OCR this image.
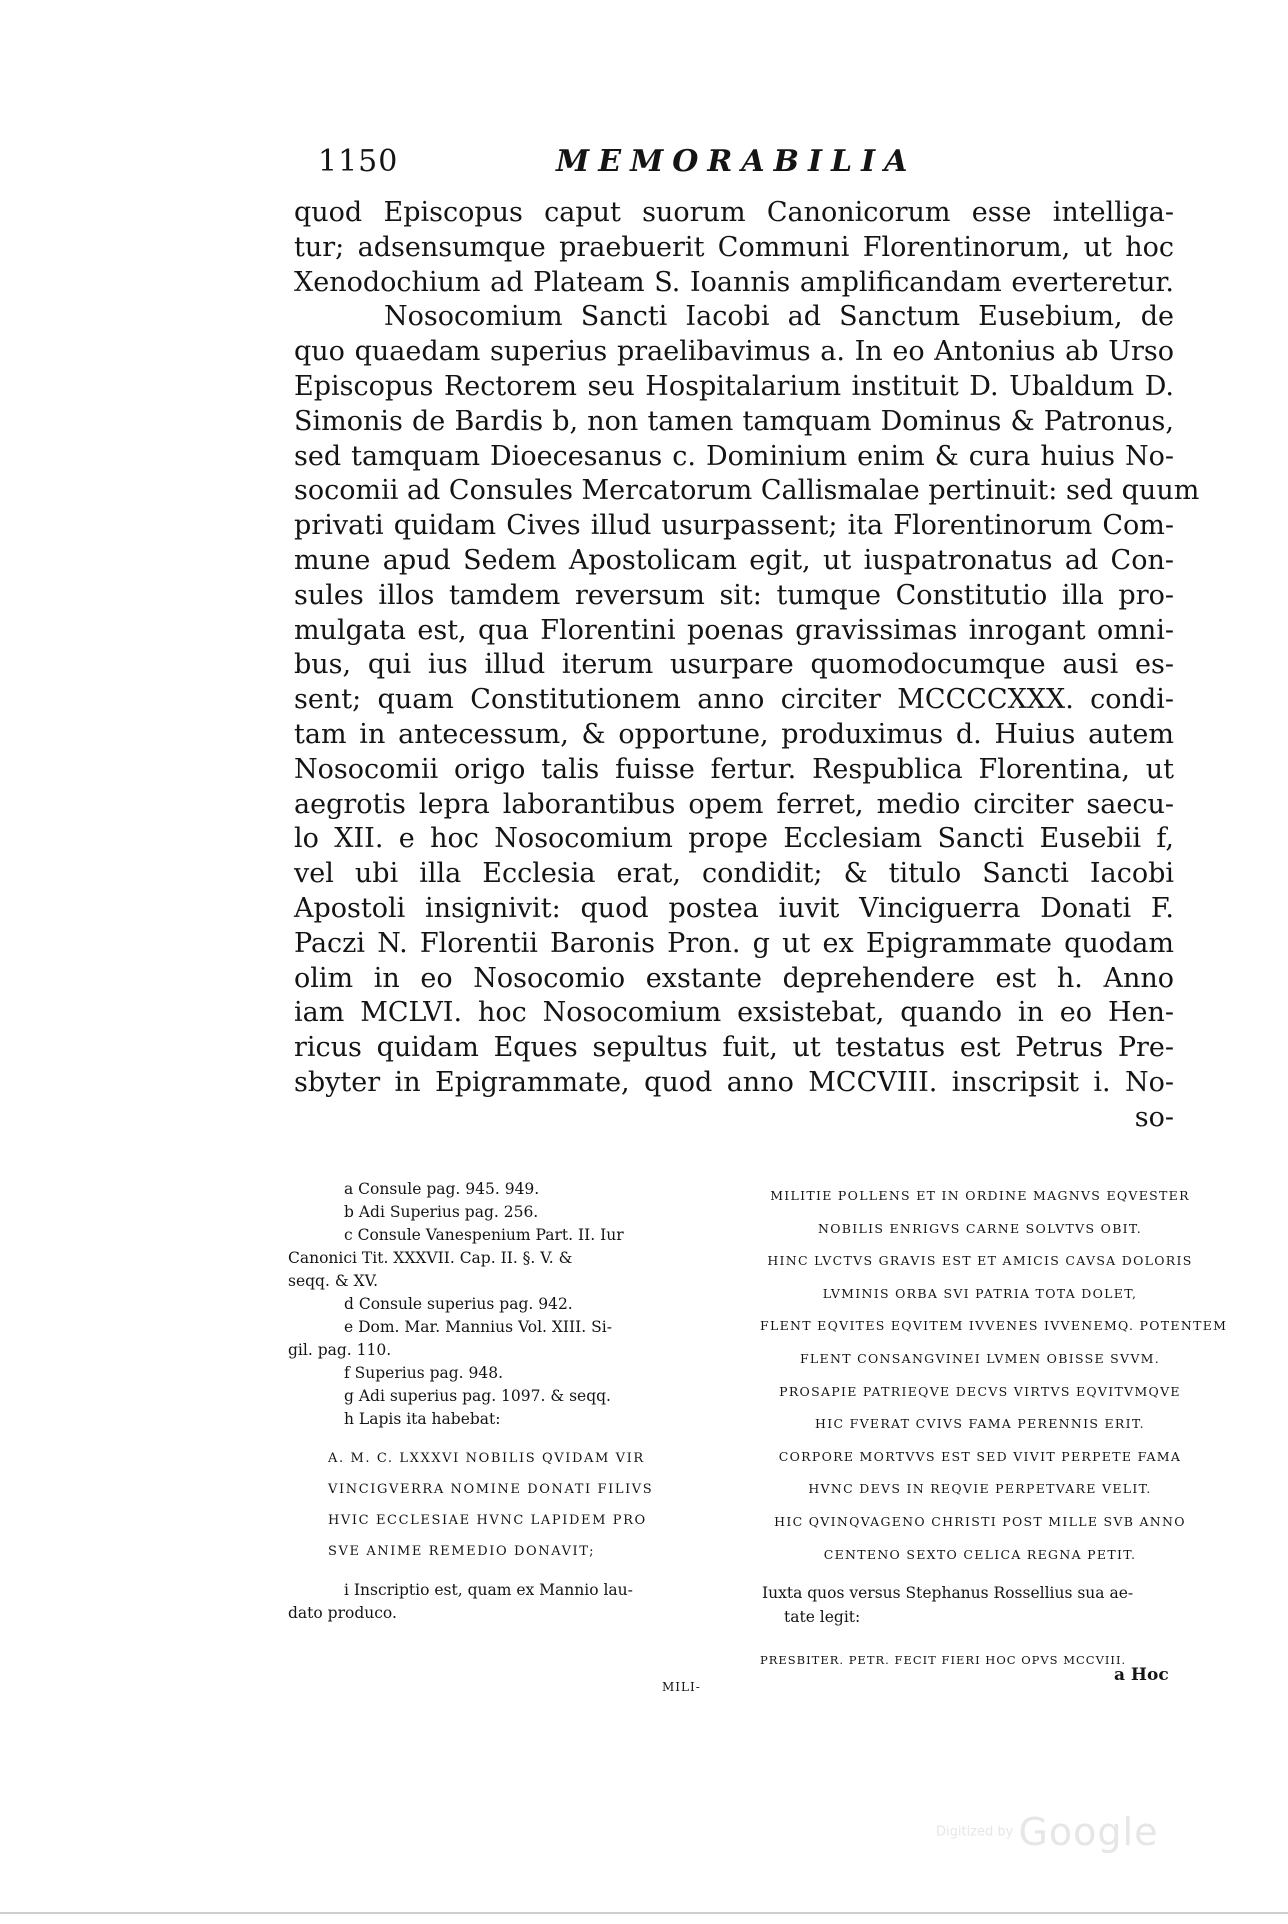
1150	MEMORABILIA
quod Episcopus caput suorum Canonicorum esse intelliga-
tur; adsensumque praebuerit Communi Florentinorum, ut hoc
Xenodochium ad Plateam S. Ioannis amplificandam everteretur.
Nosocomium Sancti Iacobi ad Sanctum Eusebium, de
quo quaedam superius praelibavimus a. In eo Antonius ab Urso
Episcopus Rectorem seu Hospitalarium instituit D. Ubaldum D.
Simonis de Bardis b, non tamen tamquam Dominus & Patronus,
sed tamquam Dioecesanus c. Dominium enim & cura huius No-
socomii ad Consules Mercatorum Callismalae pertinuit: sed quum
privati quidam Cives illud usurpassent; ita Florentinorum Com-
mune apud Sedem Apostolicam egit, ut iuspatronatus ad Con-
sules illos tamdem reversum sit: tumque Constitutio illa pro-
mulgata est, qua Florentini poenas gravissimas inrogant omni-
bus, qui ius illud iterum usurpare quomodocumque ausi es-
sent; quam Constitutionem anno circiter MCCCCXXX. condi-
tam in antecessum, & opportune, produximus d. Huius autem
Nosocomii origo talis fuisse fertur. Respublica Florentina, ut
aegrotis lepra laborantibus opem ferret, medio circiter saecu-
lo XII. e hoc Nosocomium prope Ecclesiam Sancti Eusebii f,
vel ubi illa Ecclesia erat, condidit; & titulo Sancti Iacobi
Apostoli insignivit: quod postea iuvit Vinciguerra Donati F.
Paczi N. Florentii Baronis Pron. g ut ex Epigrammate quodam
olim in eo Nosocomio exstante deprehendere est h. Anno
iam MCLVI. hoc Nosocomium exsistebat, quando in eo Hen-
ricus quidam Eques sepultus fuit, ut testatus est Petrus Pre-
sbyter in Epigrammate, quod anno MCCVIII. inscripsit i. No-
so-
a Consule pag. 945. 949.
b Adi Superius pag. 256.
c Consule Vanespenium Part. II. Iur
Canonici Tit. XXXVII. Cap. II. §. V. &
seqq. & XV.
d Consule superius pag. 942.
e Dom. Mar. Mannius Vol. XIII. Si-
gil. pag. 110.
f Superius pag. 948.
g Adi superius pag. 1097. & seqq.
h Lapis ita habebat:
A. M. C. LXXXVI NOBILIS QVIDAM VIR
VINCIGVERRA NOMINE DONATI FILIVS
HVIC ECCLESIAE HVNC LAPIDEM PRO
SVE ANIME REMEDIO DONAVIT;
i Inscriptio est, quam ex Mannio lau-
dato produco.
MILI-
MILITIE POLLENS ET IN ORDINE MAGNVS EQVESTER
NOBILIS ENRIGVS CARNE SOLVTVS OBIT.
HINC LVCTVS GRAVIS EST ET AMICIS CAVSA DOLORIS
LVMINIS ORBA SVI PATRIA TOTA DOLET,
FLENT EQVITES EQVITEM IVVENES IVVENEMQ. POTENTEM
FLENT CONSANGVINEI LVMEN OBISSE SVVM.
PROSAPIE PATRIEQVE DECVS VIRTVS EQVITVMQVE
HIC FVERAT CVIVS FAMA PERENNIS ERIT.
CORPORE MORTVVS EST SED VIVIT PERPETE FAMA
HVNC DEVS IN REQVIE PERPETVARE VELIT.
HIC QVINQVAGENO CHRISTI POST MILLE SVB ANNO
CENTENO SEXTO CELICA REGNA PETIT.
Iuxta quos versus Stephanus Rossellius sua ae-
tate legit:
PRESBITER. PETR. FECIT FIERI HOC OPVS MCCVIII.
a Hoc
Digitized by Google
